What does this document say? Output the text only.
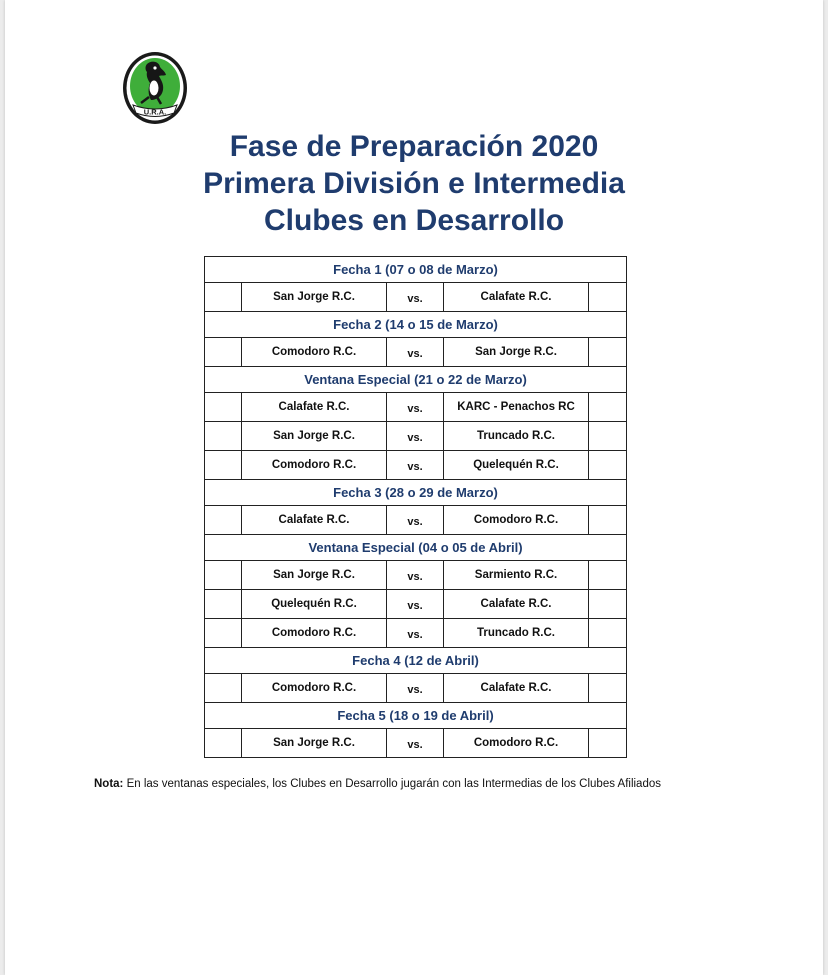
U.R.A.
Fase de Preparación 2020
Primera División e Intermedia
Clubes en Desarrollo
Fecha 1 (07 o 08 de Marzo)				
	San Jorge R.C.	vs.	Calafate R.C.	
Fecha 2 (14 o 15 de Marzo)				
	Comodoro R.C.	vs.	San Jorge R.C.	
Ventana Especial (21 o 22 de Marzo)				
	Calafate R.C.	vs.	KARC - Penachos RC	
	San Jorge R.C.	vs.	Truncado R.C.	
	Comodoro R.C.	vs.	Quelequén R.C.	
Fecha 3 (28 o 29 de Marzo)				
	Calafate R.C.	vs.	Comodoro R.C.	
Ventana Especial (04 o 05 de Abril)				
	San Jorge R.C.	vs.	Sarmiento R.C.	
	Quelequén R.C.	vs.	Calafate R.C.	
	Comodoro R.C.	vs.	Truncado R.C.	
Fecha 4 (12 de Abril)				
	Comodoro R.C.	vs.	Calafate R.C.	
Fecha 5 (18 o 19 de Abril)				
	San Jorge R.C.	vs.	Comodoro R.C.	
Nota: En las ventanas especiales, los Clubes en Desarrollo jugarán con las Intermedias de los Clubes Afiliados
